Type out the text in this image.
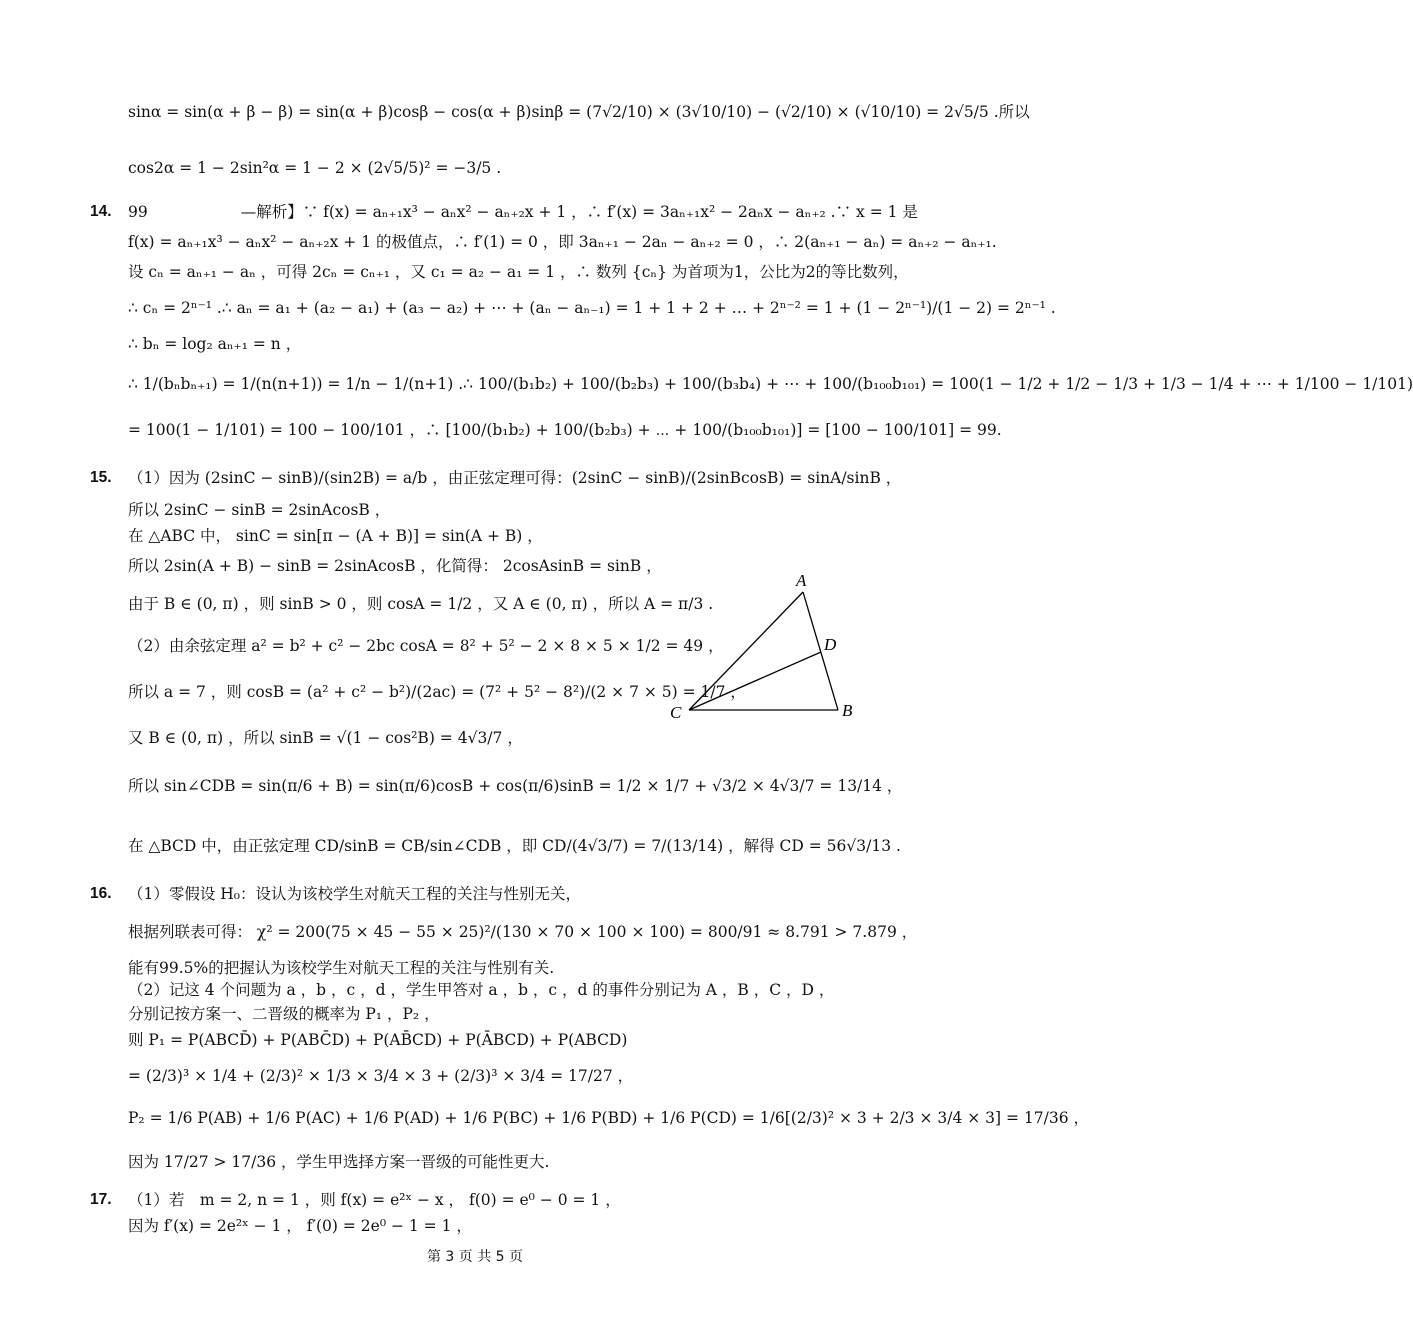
sinα = sin(α + β − β) = sin(α + β)cosβ − cos(α + β)sinβ = (7√2/10) × (3√10/10) − (√2/10) × (√10/10) = 2√5/5 .所以
cos2α = 1 − 2sin²α = 1 − 2 × (2√5/5)² = −3/5 .
14. 99　　　　　　—解析】∵ f(x) = aₙ₊₁x³ − aₙx² − aₙ₊₂x + 1 ，∴ f′(x) = 3aₙ₊₁x² − 2aₙx − aₙ₊₂ .∵ x = 1 是
f(x) = aₙ₊₁x³ − aₙx² − aₙ₊₂x + 1 的极值点，∴ f′(1) = 0 ，即 3aₙ₊₁ − 2aₙ − aₙ₊₂ = 0 ，∴ 2(aₙ₊₁ − aₙ) = aₙ₊₂ − aₙ₊₁.
设 cₙ = aₙ₊₁ − aₙ ，可得 2cₙ = cₙ₊₁ ，又 c₁ = a₂ − a₁ = 1 ，∴ 数列 {cₙ} 为首项为1，公比为2的等比数列，
∴ cₙ = 2ⁿ⁻¹ .∴ aₙ = a₁ + (a₂ − a₁) + (a₃ − a₂) + ⋯ + (aₙ − aₙ₋₁) = 1 + 1 + 2 + … + 2ⁿ⁻² = 1 + (1 − 2ⁿ⁻¹)/(1 − 2) = 2ⁿ⁻¹ .
∴ bₙ = log₂ aₙ₊₁ = n ，
∴ 1/(bₙbₙ₊₁) = 1/(n(n+1)) = 1/n − 1/(n+1) .∴ 100/(b₁b₂) + 100/(b₂b₃) + 100/(b₃b₄) + ⋯ + 100/(b₁₀₀b₁₀₁) = 100(1 − 1/2 + 1/2 − 1/3 + 1/3 − 1/4 + ⋯ + 1/100 − 1/101)
= 100(1 − 1/101) = 100 − 100/101 ，∴ [100/(b₁b₂) + 100/(b₂b₃) + ⋯ + 100/(b₁₀₀b₁₀₁)] = [100 − 100/101] = 99.
15. （1）因为 (2sinC − sinB)/(sin2B) = a/b ，由正弦定理可得：(2sinC − sinB)/(2sinBcosB) = sinA/sinB ，
所以 2sinC − sinB = 2sinAcosB ，
在 △ABC 中， sinC = sin[π − (A + B)] = sin(A + B) ，
所以 2sin(A + B) − sinB = 2sinAcosB ，化简得： 2cosAsinB = sinB ，
由于 B ∈ (0, π) ，则 sinB > 0 ，则 cosA = 1/2 ，又 A ∈ (0, π) ，所以 A = π/3 .
（2）由余弦定理 a² = b² + c² − 2bc cosA = 8² + 5² − 2 × 8 × 5 × 1/2 = 49 ，
所以 a = 7 ，则 cosB = (a² + c² − b²)/(2ac) = (7² + 5² − 8²)/(2 × 7 × 5) = 1/7 ，
又 B ∈ (0, π) ，所以 sinB = √(1 − cos²B) = 4√3/7 ，
所以 sin∠CDB = sin(π/6 + B) = sin(π/6)cosB + cos(π/6)sinB = 1/2 × 1/7 + √3/2 × 4√3/7 = 13/14 ，
在 △BCD 中，由正弦定理 CD/sinB = CB/sin∠CDB ，即 CD/(4√3/7) = 7/(13/14) ，解得 CD = 56√3/13 .
16. （1）零假设 H₀：设认为该校学生对航天工程的关注与性别无关，
根据列联表可得： χ² = 200(75 × 45 − 55 × 25)²/(130 × 70 × 100 × 100) = 800/91 ≈ 8.791 > 7.879 ，
能有99.5%的把握认为该校学生对航天工程的关注与性别有关.
（2）记这 4 个问题为 a ，b ，c ，d ，学生甲答对 a ，b ，c ，d 的事件分别记为 A ，B ，C ，D ，
分别记按方案一、二晋级的概率为 P₁ ，P₂ ，
则 P₁ = P(ABCD̄) + P(ABC̄D) + P(AB̄CD) + P(ĀBCD) + P(ABCD)
= (2/3)³ × 1/4 + (2/3)² × 1/3 × 3/4 × 3 + (2/3)³ × 3/4 = 17/27 ，
P₂ = 1/6 P(AB) + 1/6 P(AC) + 1/6 P(AD) + 1/6 P(BC) + 1/6 P(BD) + 1/6 P(CD) = 1/6[(2/3)² × 3 + 2/3 × 3/4 × 3] = 17/36 ，
因为 17/27 > 17/36 ，学生甲选择方案一晋级的可能性更大.
17. （1）若　m = 2, n = 1 ，则 f(x) = e²ˣ − x ， f(0) = e⁰ − 0 = 1 ，
因为 f′(x) = 2e²ˣ − 1 ， f′(0) = 2e⁰ − 1 = 1 ，
A
D
C	B
第 3 页 共 5 页
